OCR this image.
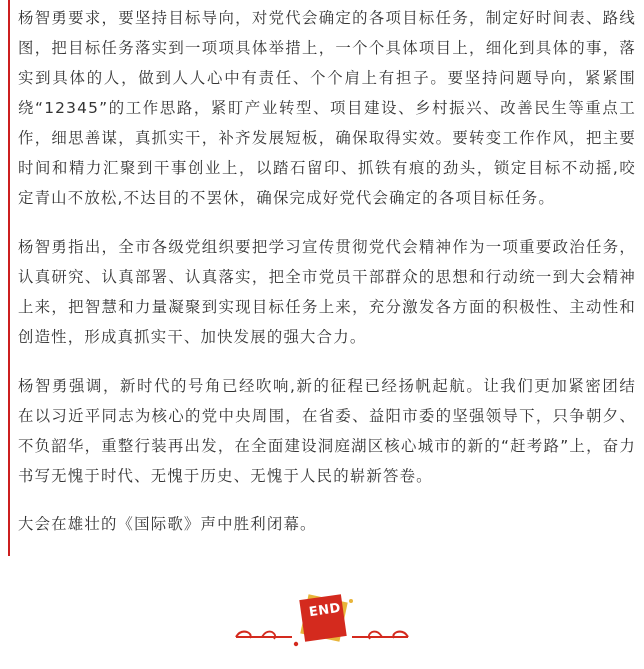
杨智勇要求，要坚持目标导向，对党代会确定的各项目标任务，制定好时间表、路线图，把目标任务落实到一项项具体举措上，一个个具体项目上，细化到具体的事，落实到具体的人，做到人人心中有责任、个个肩上有担子。要坚持问题导向，紧紧围绕“12345”的工作思路，紧盯产业转型、项目建设、乡村振兴、改善民生等重点工作，细思善谋，真抓实干，补齐发展短板，确保取得实效。要转变工作作风，把主要时间和精力汇聚到干事创业上，以踏石留印、抓铁有痕的劲头，锁定目标不动摇,咬定青山不放松,不达目的不罢休，确保完成好党代会确定的各项目标任务。

杨智勇指出，全市各级党组织要把学习宣传贯彻党代会精神作为一项重要政治任务，认真研究、认真部署、认真落实，把全市党员干部群众的思想和行动统一到大会精神上来，把智慧和力量凝聚到实现目标任务上来，充分激发各方面的积极性、主动性和创造性，形成真抓实干、加快发展的强大合力。

杨智勇强调，新时代的号角已经吹响,新的征程已经扬帆起航。让我们更加紧密团结在以习近平同志为核心的党中央周围，在省委、益阳市委的坚强领导下，只争朝夕、不负韶华，重整行装再出发，在全面建设洞庭湖区核心城市的新的“赶考路”上，奋力书写无愧于时代、无愧于历史、无愧于人民的崭新答卷。

大会在雄壮的《国际歌》声中胜利闭幕。

END
